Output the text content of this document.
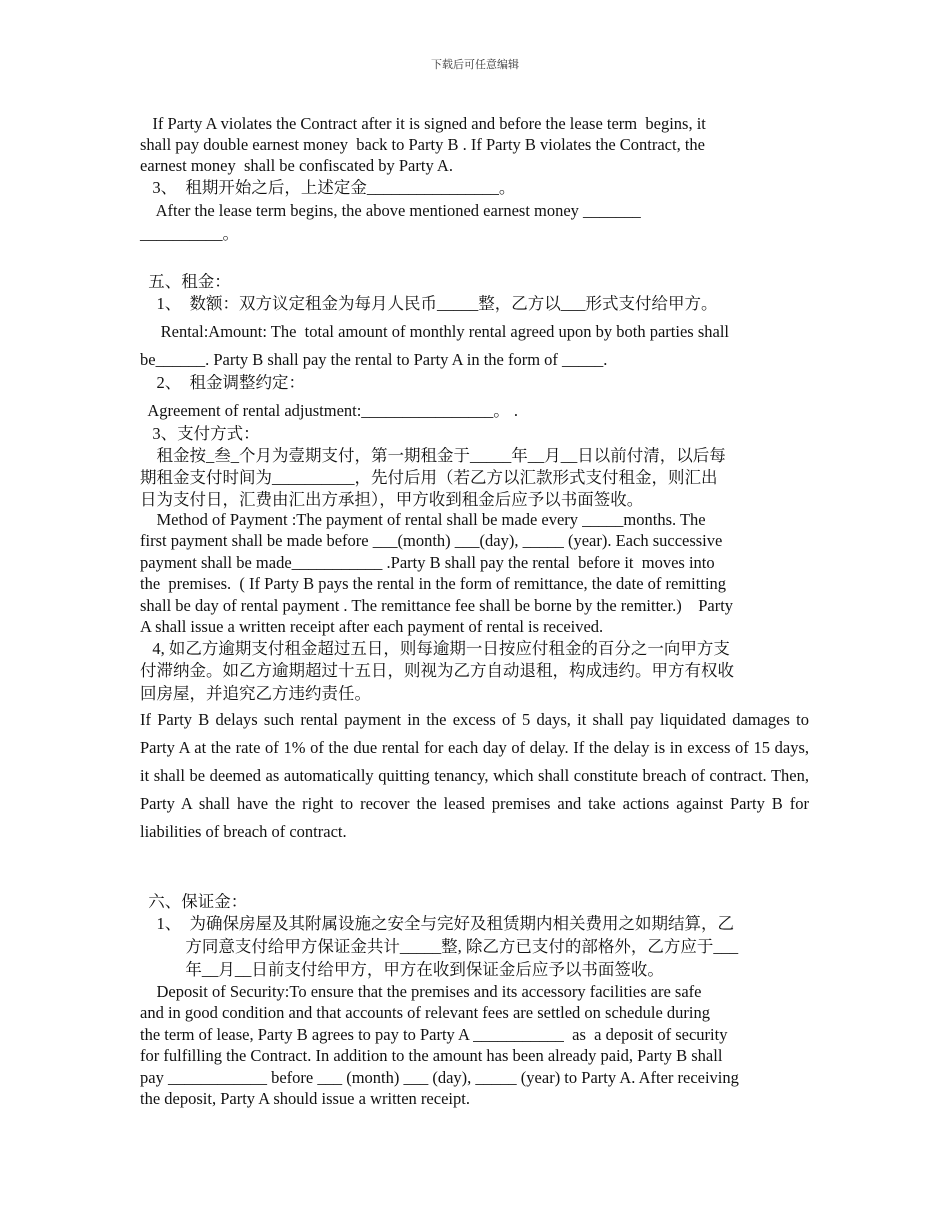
下载后可任意编辑
If Party A violates the Contract after it is signed and before the lease term  begins, it
shall pay double earnest money  back to Party B . If Party B violates the Contract, the
earnest money  shall be confiscated by Party A.
3、  租期开始之后，上述定金________________。
After the lease term begins, the above mentioned earnest money _______
__________。
五、租金：
1、  数额：双方议定租金为每月人民币_____整，乙方以___形式支付给甲方。
Rental:Amount: The  total amount of monthly rental agreed upon by both parties shall
be______. Party B shall pay the rental to Party A in the form of _____.
2、  租金调整约定：
Agreement of rental adjustment:________________。 .
3、支付方式：
租金按_叁_个月为壹期支付，第一期租金于_____年__月__日以前付清，以后每
期租金支付时间为__________，先付后用（若乙方以汇款形式支付租金，则汇出
日为支付日，汇费由汇出方承担），甲方收到租金后应予以书面签收。
Method of Payment :The payment of rental shall be made every _____months. The
first payment shall be made before ___(month) ___(day), _____ (year). Each successive
payment shall be made___________ .Party B shall pay the rental  before it  moves into
the  premises.  ( If Party B pays the rental in the form of remittance, the date of remitting
shall be day of rental payment . The remittance fee shall be borne by the remitter.)    Party
A shall issue a written receipt after each payment of rental is received.
4, 如乙方逾期支付租金超过五日，则每逾期一日按应付租金的百分之一向甲方支
付滞纳金。如乙方逾期超过十五日，则视为乙方自动退租，构成违约。甲方有权收
回房屋，并追究乙方违约责任。
If Party B delays such rental payment in the excess of 5 days, it shall pay liquidated damages to Party A at the rate of 1% of the due rental for each day of delay. If the delay is in excess of 15 days, it shall be deemed as automatically quitting tenancy, which shall constitute breach of contract. Then, Party A shall have the right to recover the leased premises and take actions against Party B for liabilities of breach of contract.
六、保证金：
1、  为确保房屋及其附属设施之安全与完好及租赁期内相关费用之如期结算，乙
方同意支付给甲方保证金共计_____整, 除乙方已支付的部格外，乙方应于___
年__月__日前支付给甲方，甲方在收到保证金后应予以书面签收。
Deposit of Security:To ensure that the premises and its accessory facilities are safe
and in good condition and that accounts of relevant fees are settled on schedule during
the term of lease, Party B agrees to pay to Party A ___________  as  a deposit of security
for fulfilling the Contract. In addition to the amount has been already paid, Party B shall
pay ____________ before ___ (month) ___ (day), _____ (year) to Party A. After receiving
the deposit, Party A should issue a written receipt.
